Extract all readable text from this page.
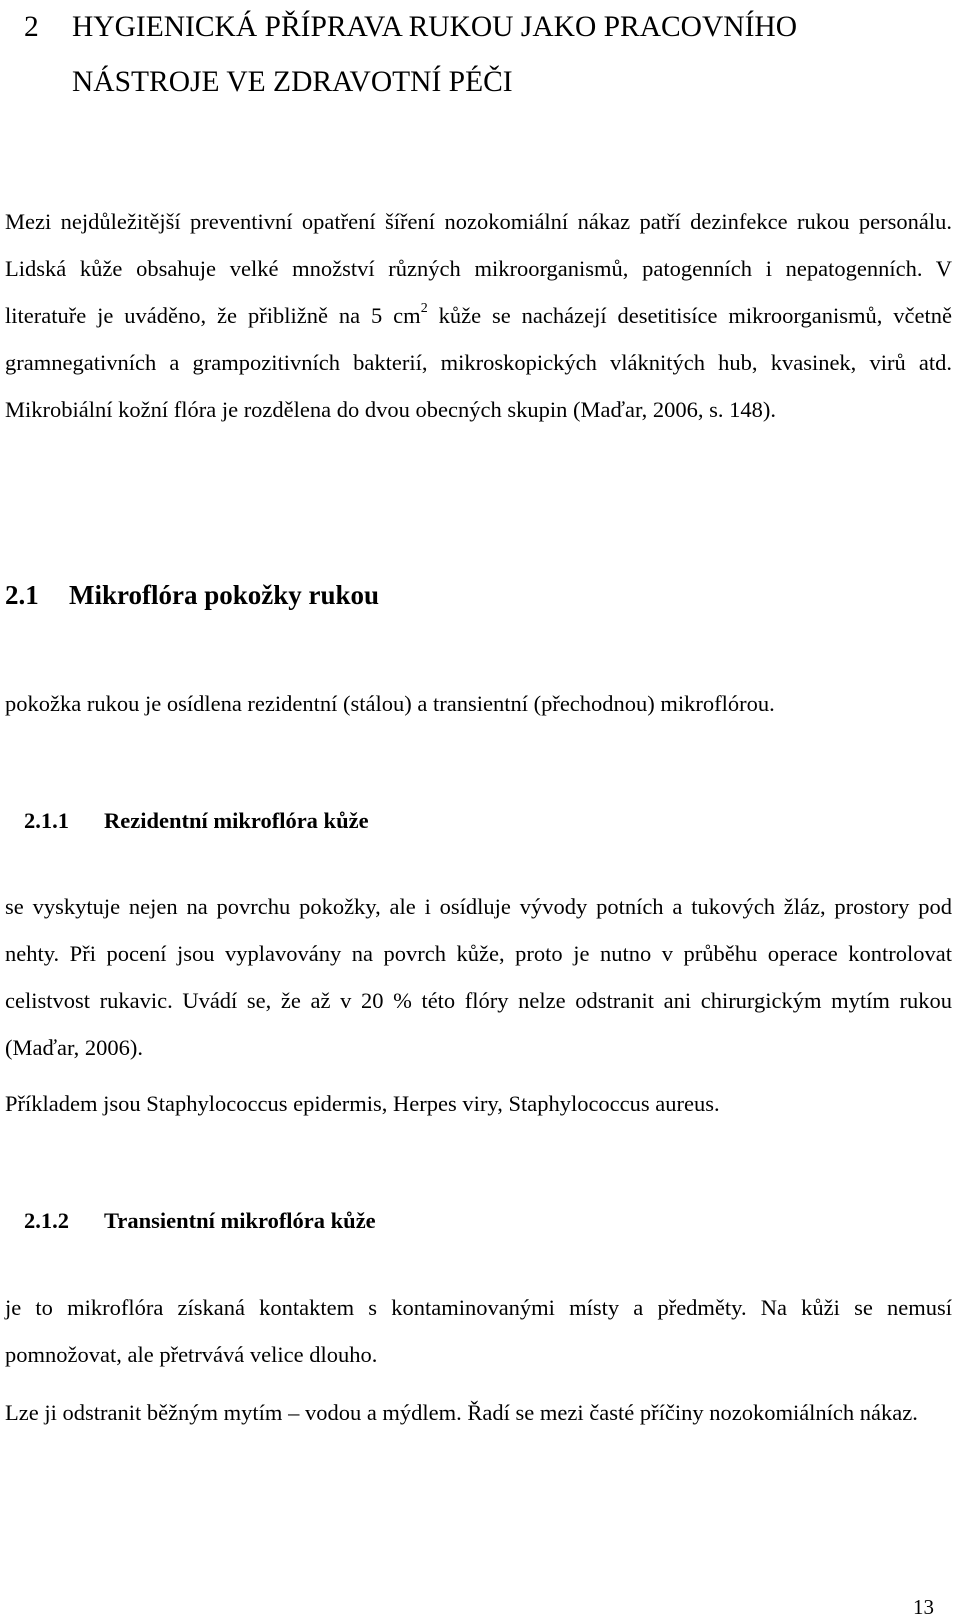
2 HYGIENICKÁ PŘÍPRAVA RUKOU JAKO PRACOVNÍHO
NÁSTROJE VE ZDRAVOTNÍ PÉČI

Mezi nejdůležitější preventivní opatření šíření nozokomiální nákaz patří dezinfekce rukou personálu. Lidská kůže obsahuje velké množství různých mikroorganismů, patogenních i nepatogenních. V literatuře je uváděno, že přibližně na 5 $cm^2$ kůže se nacházejí desetitisíce mikroorganismů, včetně gramnegativních a grampozitivních bakterií, mikroskopických vláknitých hub, kvasinek, virů atd. Mikrobiální kožní flóra je rozdělena do dvou obecných skupin (Maďar, 2006, s. 148).

2.1 Mikroflóra pokožky rukou

pokožka rukou je osídlena rezidentní (stálou) a transientní (přechodnou) mikroflórou.

2.1.1 Rezidentní mikroflóra kůže

se vyskytuje nejen na povrchu pokožky, ale i osídluje vývody potních a tukových žláz, prostory pod nehty. Při pocení jsou vyplavovány na povrch kůže, proto je nutno v průběhu operace kontrolovat celistvost rukavic. Uvádí se, že až v 20 % této flóry nelze odstranit ani chirurgickým mytím rukou (Maďar, 2006).

Příkladem jsou Staphylococcus epidermis, Herpes viry, Staphylococcus aureus.

2.1.2 Transientní mikroflóra kůže

je to mikroflóra získaná kontaktem s kontaminovanými místy a předměty. Na kůži se nemusí pomnožovat, ale přetrvává velice dlouho.

Lze ji odstranit běžným mytím – vodou a mýdlem. Řadí se mezi časté příčiny nozokomiálních nákaz.

13
